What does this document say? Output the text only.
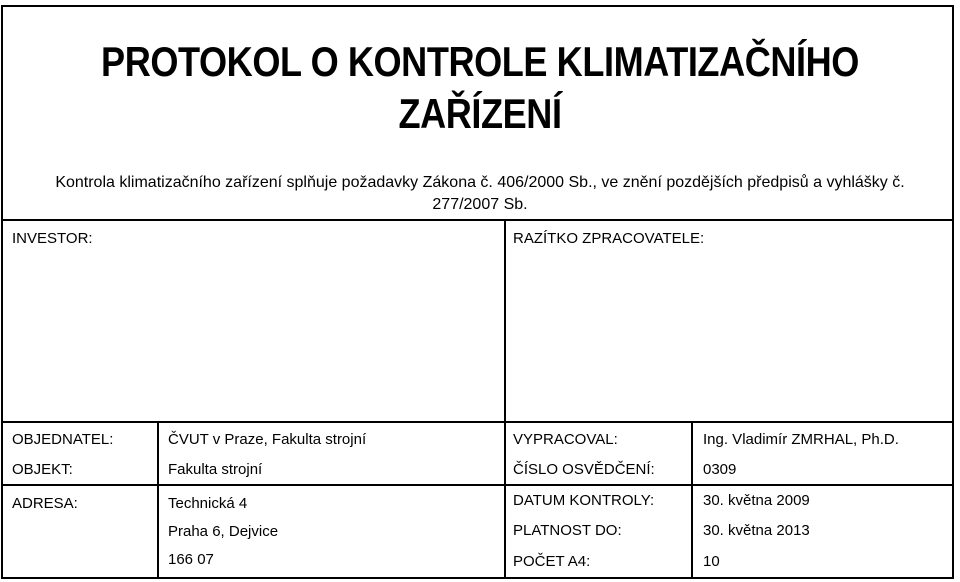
PROTOKOL O KONTROLE KLIMATIZAČNÍHO
ZAŘÍZENÍ
Kontrola klimatizačního zařízení splňuje požadavky Zákona č. 406/2000 Sb., ve znění pozdějších předpisů a vyhlášky č. 277/2007 Sb.
INVESTOR:	RAZÍTKO ZPRACOVATELE:
OBJEDNATEL:	ČVUT v Praze, Fakulta strojní
OBJEKT:	Fakulta strojní
ADRESA:	Technická 4
Praha 6, Dejvice
166 07
VYPRACOVAL:	Ing. Vladimír ZMRHAL, Ph.D.
ČÍSLO OSVĚDČENÍ:	0309
DATUM KONTROLY:	30. května 2009
PLATNOST DO:	30. května 2013
POČET A4:	10
